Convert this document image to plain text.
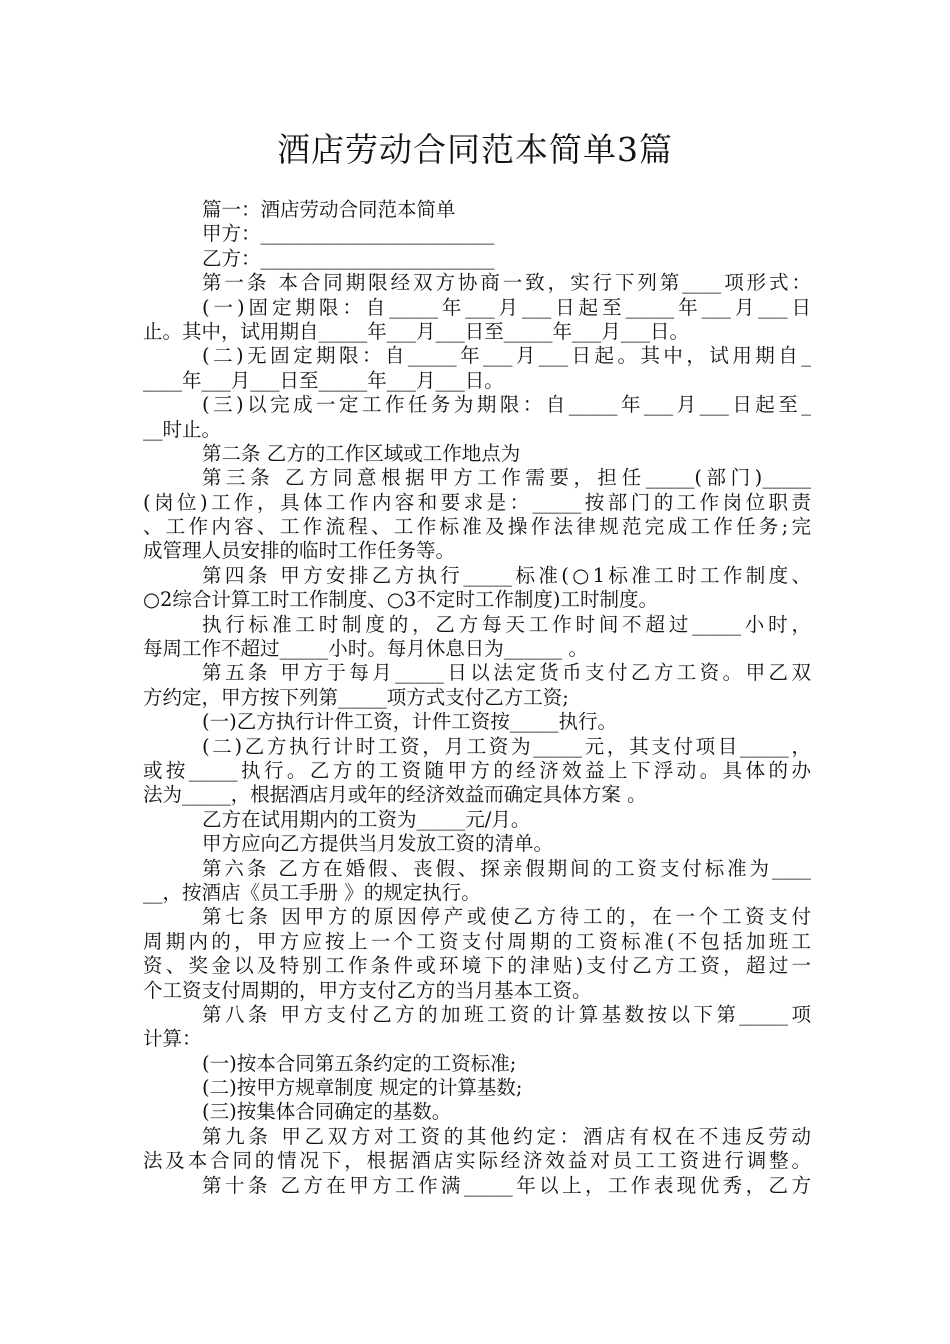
酒店劳动合同范本简单3篇
篇一：酒店劳动合同范本简单
甲方：________________________
乙方：________________________
第一条 本合同期限经双方协商一致，实行下列第____项形式：
(一)固定期限：自_____年___月___日起至_____年___月___日
止。其中，试用期自_____年___月___日至_____年___月___日。
(二)无固定期限：自_____年___月___日起。其中，试用期自_
____年___月___日至_____年___月___日。
(三)以完成一定工作任务为期限：自_____年___月___日起至_
__时止。
第二条 乙方的工作区域或工作地点为
第三条 乙方同意根据甲方工作需要，担任_____(部门)_____
(岗位)工作，具体工作内容和要求是：_____按部门的工作岗位职责
、工作内容、工作流程、工作标准及操作法律规范完成工作任务;完
成管理人员安排的临时工作任务等。
第四条 甲方安排乙方执行_____标准(○1标准工时工作制度、
○2综合计算工时工作制度、○3不定时工作制度)工时制度。
执行标准工时制度的，乙方每天工作时间不超过_____小时，
每周工作不超过_____小时。每月休息日为______ 。
第五条 甲方于每月_____日以法定货币支付乙方工资。甲乙双
方约定，甲方按下列第_____项方式支付乙方工资;
(一)乙方执行计件工资，计件工资按_____执行。
(二)乙方执行计时工资，月工资为_____元，其支付项目_____，
或按_____执行。乙方的工资随甲方的经济效益上下浮动。具体的办
法为_____，根据酒店月或年的经济效益而确定具体方案 。
乙方在试用期内的工资为_____元/月。
甲方应向乙方提供当月发放工资的清单。
第六条 乙方在婚假、丧假、探亲假期间的工资支付标准为____
__，按酒店《员工手册 》的规定执行。
第七条 因甲方的原因停产或使乙方待工的，在一个工资支付
周期内的，甲方应按上一个工资支付周期的工资标准(不包括加班工
资、奖金以及特别工作条件或环境下的津贴)支付乙方工资，超过一
个工资支付周期的，甲方支付乙方的当月基本工资。
第八条 甲方支付乙方的加班工资的计算基数按以下第_____项
计算：
(一)按本合同第五条约定的工资标准;
(二)按甲方规章制度 规定的计算基数;
(三)按集体合同确定的基数。
第九条 甲乙双方对工资的其他约定：酒店有权在不违反劳动
法及本合同的情况下，根据酒店实际经济效益对员工工资进行调整。
第十条 乙方在甲方工作满_____年以上，工作表现优秀，乙方
